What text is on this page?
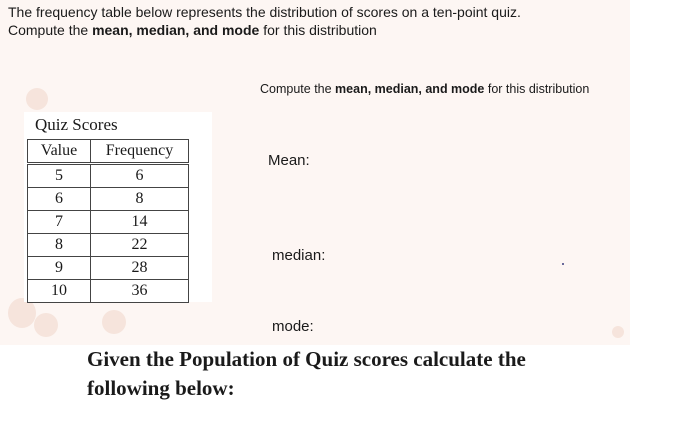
The frequency table below represents the distribution of scores on a ten-point quiz.
Compute the mean, median, and mode for this distribution
Quiz Scores
Value	Frequency
5	6
6	8
7	14
8	22
9	28
10	36
Compute the mean, median, and mode for this distribution
Mean:
median:
mode:
Given the Population of Quiz scores calculate the
following below:
